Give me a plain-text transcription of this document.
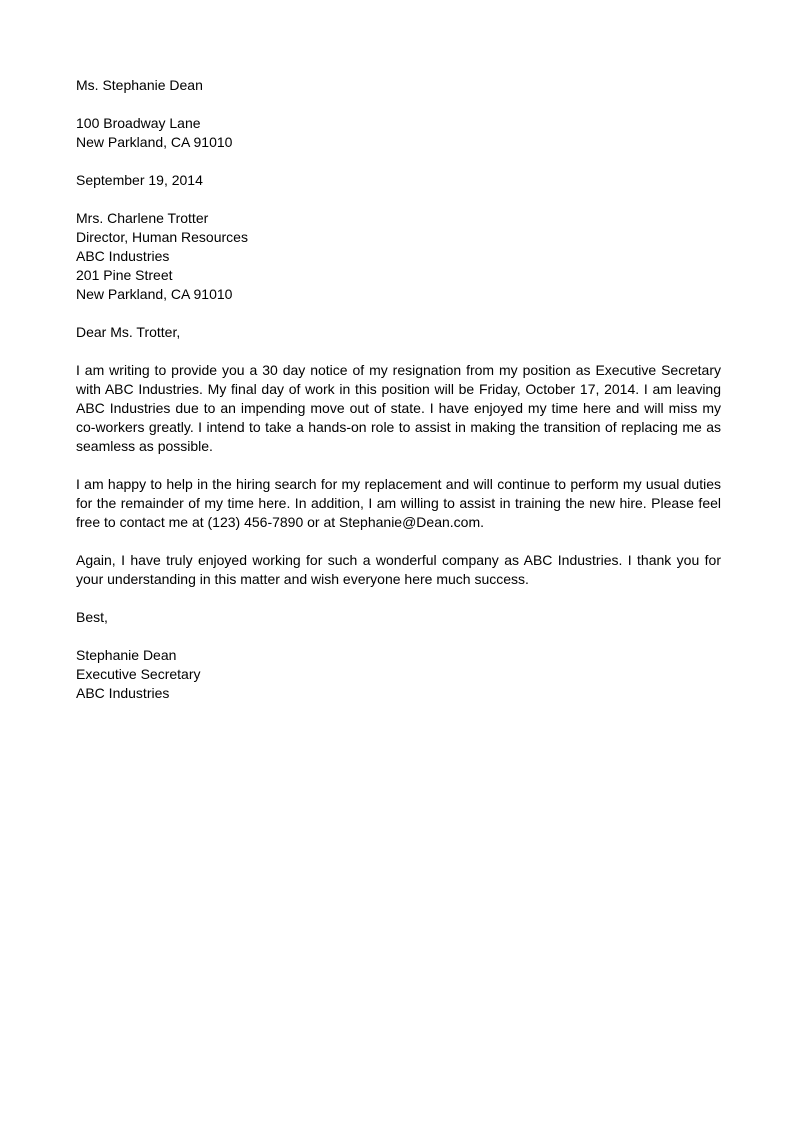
Ms. Stephanie Dean
100 Broadway Lane
New Parkland, CA 91010
September 19, 2014
Mrs. Charlene Trotter
Director, Human Resources
ABC Industries
201 Pine Street
New Parkland, CA 91010
Dear Ms. Trotter,

I am writing to provide you a 30 day notice of my resignation from my position as Executive Secretary with ABC Industries. My final day of work in this position will be Friday, October 17, 2014. I am leaving ABC Industries due to an impending move out of state. I have enjoyed my time here and will miss my co-workers greatly. I intend to take a hands-on role to assist in making the transition of replacing me as seamless as possible.

I am happy to help in the hiring search for my replacement and will continue to perform my usual duties for the remainder of my time here. In addition, I am willing to assist in training the new hire. Please feel free to contact me at (123) 456-7890 or at Stephanie@Dean.com.

Again, I have truly enjoyed working for such a wonderful company as ABC Industries. I thank you for your understanding in this matter and wish everyone here much success.

Best,
Stephanie Dean
Executive Secretary
ABC Industries
